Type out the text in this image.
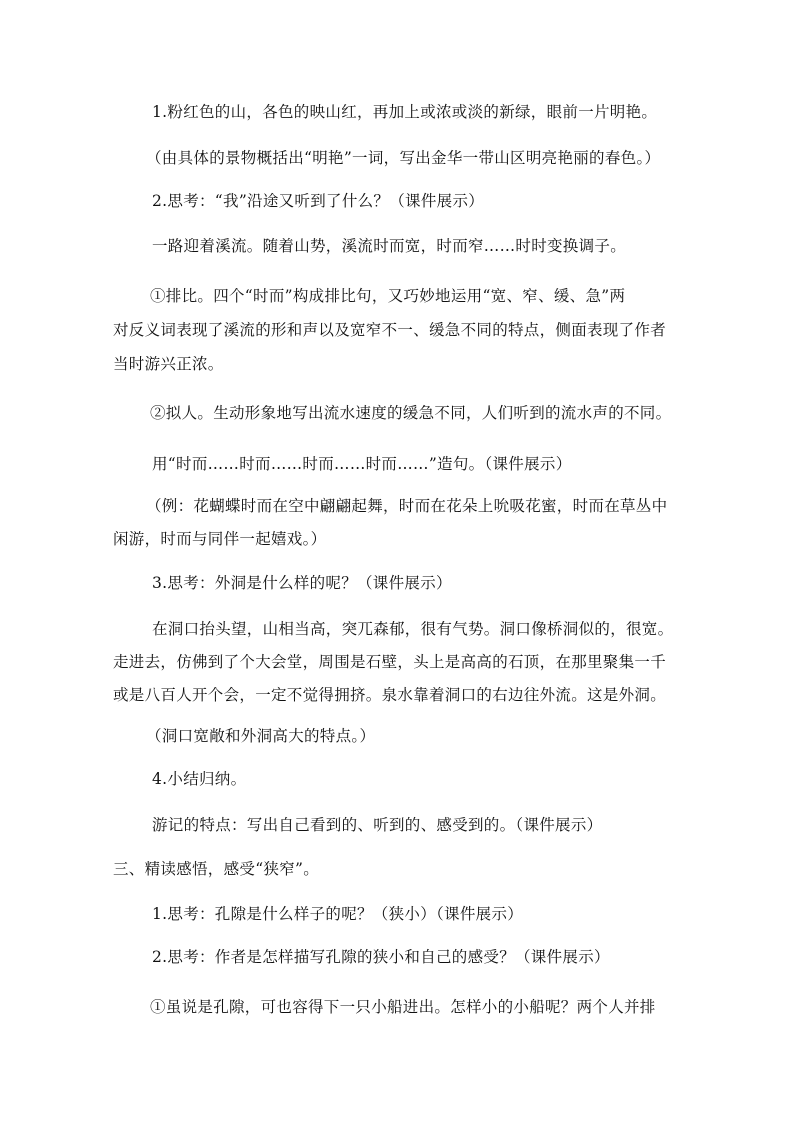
1.粉红色的山，各色的映山红，再加上或浓或淡的新绿，眼前一片明艳。
（由具体的景物概括出“明艳”一词，写出金华一带山区明亮艳丽的春色。）
2.思考：“我”沿途又听到了什么？（课件展示）
一路迎着溪流。随着山势，溪流时而宽，时而窄……时时变换调子。
①排比。四个“时而”构成排比句，又巧妙地运用“宽、窄、缓、急”两
对反义词表现了溪流的形和声以及宽窄不一、缓急不同的特点，侧面表现了作者
当时游兴正浓。
②拟人。生动形象地写出流水速度的缓急不同，人们听到的流水声的不同。
用“时而……时而……时而……时而……”造句。（课件展示）
（例：花蝴蝶时而在空中翩翩起舞，时而在花朵上吮吸花蜜，时而在草丛中
闲游，时而与同伴一起嬉戏。）
3.思考：外洞是什么样的呢？（课件展示）
在洞口抬头望，山相当高，突兀森郁，很有气势。洞口像桥洞似的，很宽。
走进去，仿佛到了个大会堂，周围是石壁，头上是高高的石顶，在那里聚集一千
或是八百人开个会，一定不觉得拥挤。泉水靠着洞口的右边往外流。这是外洞。
（洞口宽敞和外洞高大的特点。）
4.小结归纳。
游记的特点：写出自己看到的、听到的、感受到的。（课件展示）
三、精读感悟，感受“狭窄”。
1.思考：孔隙是什么样子的呢？（狭小）（课件展示）
2.思考：作者是怎样描写孔隙的狭小和自己的感受？（课件展示）
①虽说是孔隙，可也容得下一只小船进出。怎样小的小船呢？两个人并排
